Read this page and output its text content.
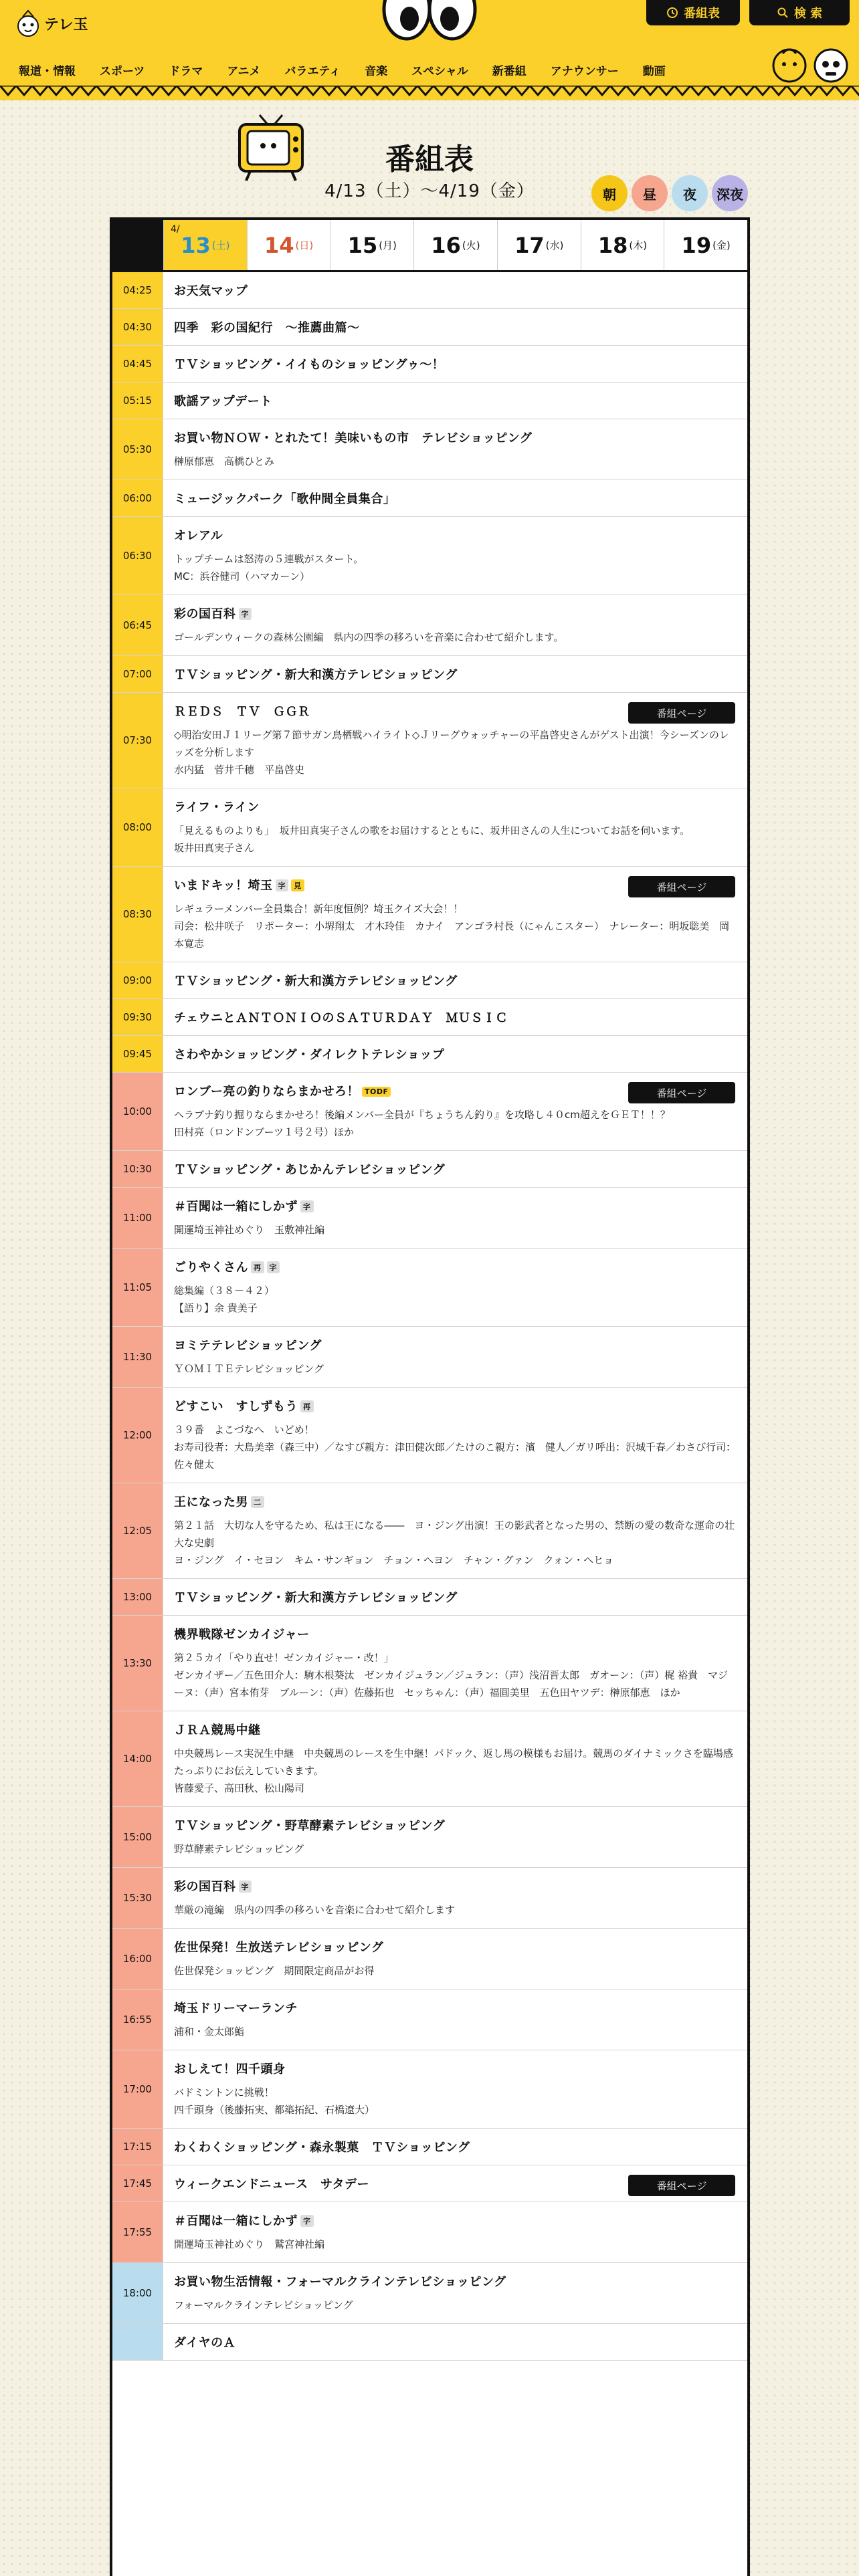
テレ玉
番組表	検 索
報道・情報 スポーツ ドラマ アニメ バラエティ 音楽 スペシャル 新番組 アナウンサー 動画
番組表
4/13（土）〜4/19（金）	朝	昼	夜	深夜
4/
13 (土) 14 (日) 15 (月) 16 (火) 17 (水) 18 (木) 19 (金)
04:25	お天気マップ
04:30	四季　彩の国紀行　〜推薦曲篇〜
04:45	ＴＶショッピング・イイものショッピングゥ〜！
05:15	歌謡アップデート
05:30
お買い物ＮＯＷ・とれたて！美味いもの市　テレビショッピング
榊原郁恵　高橋ひとみ
06:00	ミュージックパーク「歌仲間全員集合」
06:30
オレアル
トップチームは怒涛の５連戦がスタート。
MC：浜谷健司（ハマカーン）
06:45
彩の国百科 字
ゴールデンウィークの森林公園編　県内の四季の移ろいを音楽に合わせて紹介します。
07:00	ＴＶショッピング・新大和漢方テレビショッピング
07:30
ＲＥＤＳ　ＴＶ　ＧＧＲ	番組ページ
◇明治安田Ｊ１リーグ第７節サガン鳥栖戦ハイライト◇Ｊリーグウォッチャーの平畠啓史さんがゲスト出演！今シーズンのレッズを分析します
水内猛　菅井千穂　平畠啓史
08:00
ライフ・ライン
「見えるものよりも」　坂井田真実子さんの歌をお届けするとともに、坂井田さんの人生についてお話を伺います。
坂井田真実子さん
08:30
いまドキッ！埼玉 字 見	番組ページ
レギュラーメンバー全員集合！新年度恒例？埼玉クイズ大会！！
司会：松井咲子　リポーター：小堺翔太　才木玲佳　カナイ　アンゴラ村長（にゃんこスター）　ナレーター：明坂聡美　岡本寛志
09:00	ＴＶショッピング・新大和漢方テレビショッピング
09:30	チェウニとＡＮＴＯＮＩＯのＳＡＴＵＲＤＡＹ　ＭＵＳＩＣ
09:45	さわやかショッピング・ダイレクトテレショップ
10:00
ロンブー亮の釣りならまかせろ！ TODF	番組ページ
ヘラブナ釣り掘りならまかせろ！後編メンバー全員が『ちょうちん釣り』を攻略し４０cm超えをＧＥＴ！！？
田村亮（ロンドンブーツ１号２号）ほか
10:30	ＴＶショッピング・あじかんテレビショッピング
11:00
＃百聞は一箱にしかず 字
開運埼玉神社めぐり　玉敷神社編
11:05
ごりやくさん 再 字
総集編（３８－４２）
【語り】余 貴美子
11:30
ヨミテテレビショッピング
ＹＯＭＩＴＥテレビショッピング
12:00
どすこい　すしずもう 再
３９番　よこづなへ　いどめ！
お寿司役者：大島美幸（森三中）／なすび親方：津田健次郎／たけのこ親方：濱　健人／ガリ呼出：沢城千春／わさび行司：佐々健太
12:05
王になった男 二
第２１話　大切な人を守るため、私は王になる――　ヨ・ジング出演！王の影武者となった男の、禁断の愛の数奇な運命の壮大な史劇
ヨ・ジング　イ・セヨン　キム・サンギョン　チョン・ヘヨン　チャン・グァン　クォン・ヘヒョ
13:00	ＴＶショッピング・新大和漢方テレビショッピング
13:30
機界戦隊ゼンカイジャー
第２５カイ「やり直せ！ゼンカイジャー・改！」
ゼンカイザー／五色田介人：駒木根葵汰　ゼンカイジュラン／ジュラン：（声）浅沼晋太郎　ガオーン：（声）梶 裕貴　マジーヌ：（声）宮本侑芽　ブルーン：（声）佐藤拓也　セッちゃん：（声）福圓美里　五色田ヤツデ：榊原郁恵　ほか
14:00
ＪＲＡ競馬中継
中央競馬レース実況生中継　中央競馬のレースを生中継！パドック、返し馬の模様もお届け。競馬のダイナミックさを臨場感たっぷりにお伝えしていきます。
皆藤愛子、高田秋、松山陽司
15:00
ＴＶショッピング・野草酵素テレビショッピング
野草酵素テレビショッピング
15:30
彩の国百科 字
華厳の滝編　県内の四季の移ろいを音楽に合わせて紹介します
16:00
佐世保発！生放送テレビショッピング
佐世保発ショッピング　期間限定商品がお得
16:55
埼玉ドリーマーランチ
浦和・金太郎鮨
17:00
おしえて！四千頭身
バドミントンに挑戦！
四千頭身（後藤拓実、都築拓紀、石橋遼大）
17:15	わくわくショッピング・森永製菓　ＴＶショッピング
17:45	ウィークエンドニュース　サタデー	番組ページ
17:55
＃百聞は一箱にしかず 字
開運埼玉神社めぐり　鷲宮神社編
18:00
お買い物生活情報・フォーマルクラインテレビショッピング
フォーマルクラインテレビショッピング
ダイヤのＡ
